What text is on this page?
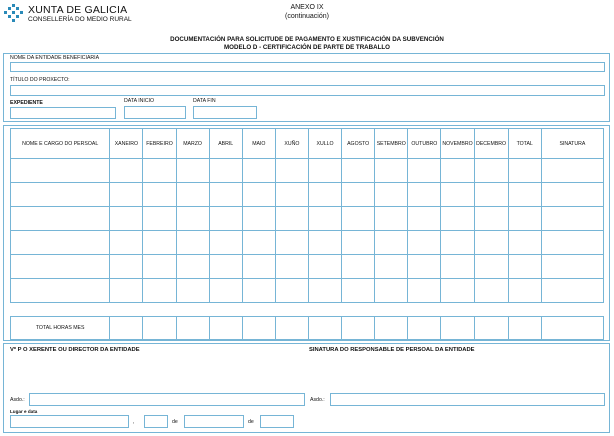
XUNTA DE GALICIA
CONSELLERÍA DO MEDIO RURAL
ANEXO IX
(continuación)
DOCUMENTACIÓN PARA SOLICITUDE DE PAGAMENTO E XUSTIFICACIÓN DA SUBVENCIÓN
MODELO D - CERTIFICACIÓN DE PARTE DE TRABALLO
NOME DA ENTIDADE BENEFICIARIA
TÍTULO DO PROXECTO:
EXPEDIENTE	DATA INICIO	DATA FIN
NOME E CARGO DO PERSOAL	XANEIRO	FEBREIRO	MARZO	ABRIL	MAIO	XUÑO	XULLO	AGOSTO	SETEMBRO	OUTUBRO	NOVEMBRO	DECEMBRO	TOTAL	SINATURA

TOTAL HORAS MES														
Vº P O XERENTE OU DIRECTOR DA ENTIDADE	SINATURA DO RESPONSABLE DE PERSOAL DA ENTIDADE
Asdo.:	Asdo.:
Lugar e data
,	de	de
